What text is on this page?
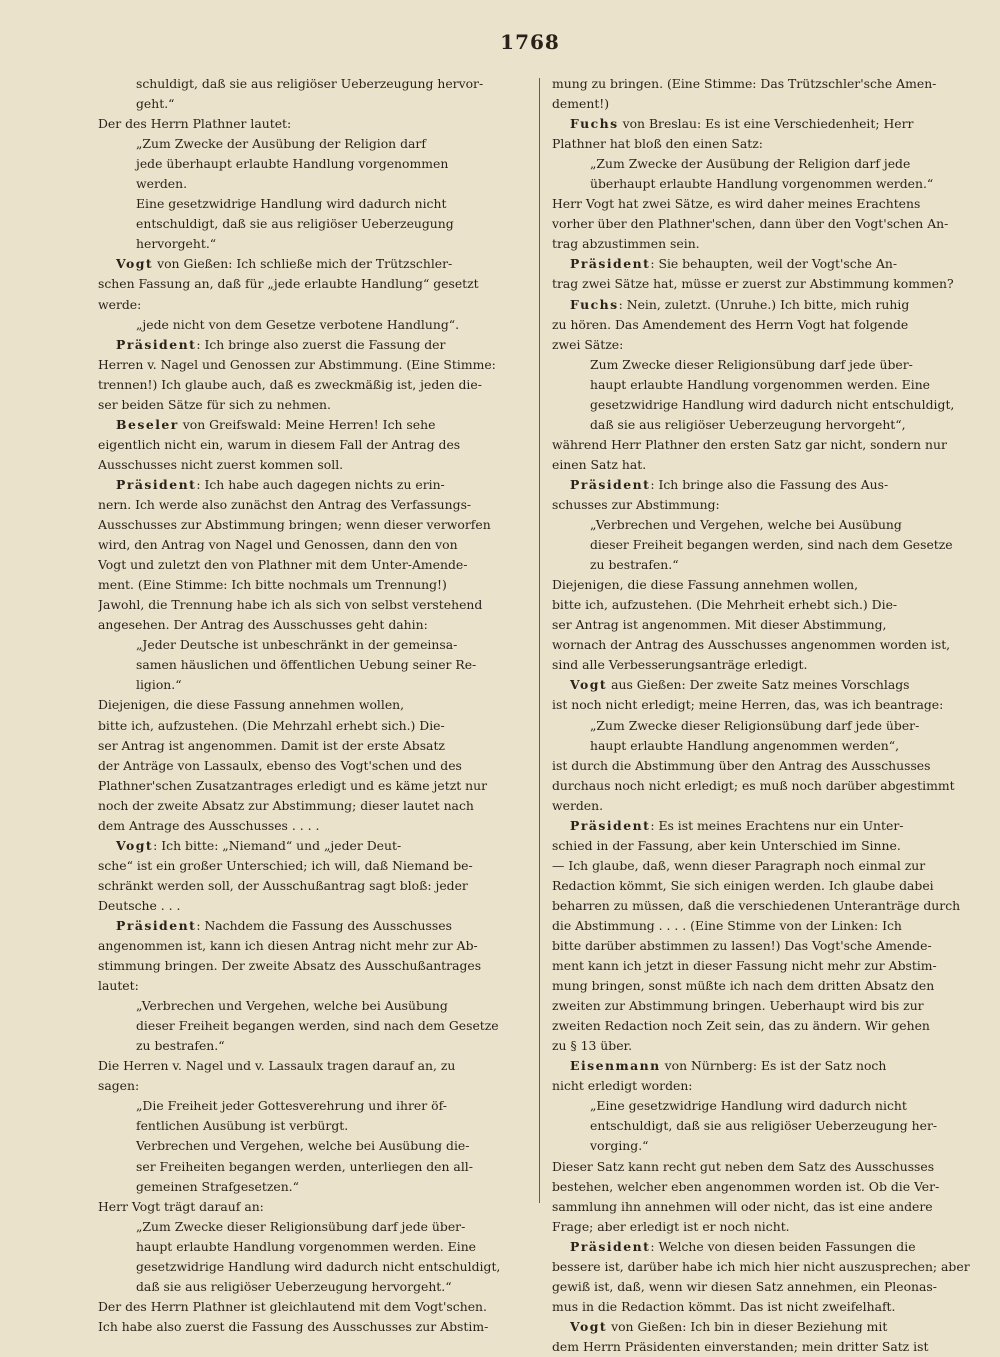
1768
schuldigt, daß sie aus religiöser Ueberzeugung hervor-
geht.“
Der des Herrn Plathner lautet:
„Zum Zwecke der Ausübung der Religion darf
jede überhaupt erlaubte Handlung vorgenommen
werden.
Eine gesetzwidrige Handlung wird dadurch nicht
entschuldigt, daß sie aus religiöser Ueberzeugung
hervorgeht.“
Vogt von Gießen: Ich schließe mich der Trützschler-
schen Fassung an, daß für „jede erlaubte Handlung“ gesetzt
werde:
„jede nicht von dem Gesetze verbotene Handlung“.
Präsident: Ich bringe also zuerst die Fassung der
Herren v. Nagel und Genossen zur Abstimmung. (Eine Stimme:
trennen!) Ich glaube auch, daß es zweckmäßig ist, jeden die-
ser beiden Sätze für sich zu nehmen.
Beseler von Greifswald: Meine Herren! Ich sehe
eigentlich nicht ein, warum in diesem Fall der Antrag des
Ausschusses nicht zuerst kommen soll.
Präsident: Ich habe auch dagegen nichts zu erin-
nern. Ich werde also zunächst den Antrag des Verfassungs-
Ausschusses zur Abstimmung bringen; wenn dieser verworfen
wird, den Antrag von Nagel und Genossen, dann den von
Vogt und zuletzt den von Plathner mit dem Unter-Amende-
ment. (Eine Stimme: Ich bitte nochmals um Trennung!)
Jawohl, die Trennung habe ich als sich von selbst verstehend
angesehen. Der Antrag des Ausschusses geht dahin:
„Jeder Deutsche ist unbeschränkt in der gemeinsa-
samen häuslichen und öffentlichen Uebung seiner Re-
ligion.“
Diejenigen, die diese Fassung annehmen wollen,
bitte ich, aufzustehen. (Die Mehrzahl erhebt sich.) Die-
ser Antrag ist angenommen. Damit ist der erste Absatz
der Anträge von Lassaulx, ebenso des Vogt'schen und des
Plathner'schen Zusatzantrages erledigt und es käme jetzt nur
noch der zweite Absatz zur Abstimmung; dieser lautet nach
dem Antrage des Ausschusses . . . .
Vogt: Ich bitte: „Niemand“ und „jeder Deut-
sche“ ist ein großer Unterschied; ich will, daß Niemand be-
schränkt werden soll, der Ausschußantrag sagt bloß: jeder
Deutsche . . .
Präsident: Nachdem die Fassung des Ausschusses
angenommen ist, kann ich diesen Antrag nicht mehr zur Ab-
stimmung bringen. Der zweite Absatz des Ausschußantrages
lautet:
„Verbrechen und Vergehen, welche bei Ausübung
dieser Freiheit begangen werden, sind nach dem Gesetze
zu bestrafen.“
Die Herren v. Nagel und v. Lassaulx tragen darauf an, zu
sagen:
„Die Freiheit jeder Gottesverehrung und ihrer öf-
fentlichen Ausübung ist verbürgt.
Verbrechen und Vergehen, welche bei Ausübung die-
ser Freiheiten begangen werden, unterliegen den all-
gemeinen Strafgesetzen.“
Herr Vogt trägt darauf an:
„Zum Zwecke dieser Religionsübung darf jede über-
haupt erlaubte Handlung vorgenommen werden. Eine
gesetzwidrige Handlung wird dadurch nicht entschuldigt,
daß sie aus religiöser Ueberzeugung hervorgeht.“
Der des Herrn Plathner ist gleichlautend mit dem Vogt'schen.
Ich habe also zuerst die Fassung des Ausschusses zur Abstim-
mung zu bringen. (Eine Stimme: Das Trützschler'sche Amen-
dement!)
Fuchs von Breslau: Es ist eine Verschiedenheit; Herr
Plathner hat bloß den einen Satz:
„Zum Zwecke der Ausübung der Religion darf jede
überhaupt erlaubte Handlung vorgenommen werden.“
Herr Vogt hat zwei Sätze, es wird daher meines Erachtens
vorher über den Plathner'schen, dann über den Vogt'schen An-
trag abzustimmen sein.
Präsident: Sie behaupten, weil der Vogt'sche An-
trag zwei Sätze hat, müsse er zuerst zur Abstimmung kommen?
Fuchs: Nein, zuletzt. (Unruhe.) Ich bitte, mich ruhig
zu hören. Das Amendement des Herrn Vogt hat folgende
zwei Sätze:
Zum Zwecke dieser Religionsübung darf jede über-
haupt erlaubte Handlung vorgenommen werden. Eine
gesetzwidrige Handlung wird dadurch nicht entschuldigt,
daß sie aus religiöser Ueberzeugung hervorgeht“,
während Herr Plathner den ersten Satz gar nicht, sondern nur
einen Satz hat.
Präsident: Ich bringe also die Fassung des Aus-
schusses zur Abstimmung:
„Verbrechen und Vergehen, welche bei Ausübung
dieser Freiheit begangen werden, sind nach dem Gesetze
zu bestrafen.“
Diejenigen, die diese Fassung annehmen wollen,
bitte ich, aufzustehen. (Die Mehrheit erhebt sich.) Die-
ser Antrag ist angenommen. Mit dieser Abstimmung,
wornach der Antrag des Ausschusses angenommen worden ist,
sind alle Verbesserungsanträge erledigt.
Vogt aus Gießen: Der zweite Satz meines Vorschlags
ist noch nicht erledigt; meine Herren, das, was ich beantrage:
„Zum Zwecke dieser Religionsübung darf jede über-
haupt erlaubte Handlung angenommen werden“,
ist durch die Abstimmung über den Antrag des Ausschusses
durchaus noch nicht erledigt; es muß noch darüber abgestimmt
werden.
Präsident: Es ist meines Erachtens nur ein Unter-
schied in der Fassung, aber kein Unterschied im Sinne.
— Ich glaube, daß, wenn dieser Paragraph noch einmal zur
Redaction kömmt, Sie sich einigen werden. Ich glaube dabei
beharren zu müssen, daß die verschiedenen Unteranträge durch
die Abstimmung . . . . (Eine Stimme von der Linken: Ich
bitte darüber abstimmen zu lassen!) Das Vogt'sche Amende-
ment kann ich jetzt in dieser Fassung nicht mehr zur Abstim-
mung bringen, sonst müßte ich nach dem dritten Absatz den
zweiten zur Abstimmung bringen. Ueberhaupt wird bis zur
zweiten Redaction noch Zeit sein, das zu ändern. Wir gehen
zu § 13 über.
Eisenmann von Nürnberg: Es ist der Satz noch
nicht erledigt worden:
„Eine gesetzwidrige Handlung wird dadurch nicht
entschuldigt, daß sie aus religiöser Ueberzeugung her-
vorging.“
Dieser Satz kann recht gut neben dem Satz des Ausschusses
bestehen, welcher eben angenommen worden ist. Ob die Ver-
sammlung ihn annehmen will oder nicht, das ist eine andere
Frage; aber erledigt ist er noch nicht.
Präsident: Welche von diesen beiden Fassungen die
bessere ist, darüber habe ich mich hier nicht auszusprechen; aber
gewiß ist, daß, wenn wir diesen Satz annehmen, ein Pleonas-
mus in die Redaction kömmt. Das ist nicht zweifelhaft.
Vogt von Gießen: Ich bin in dieser Beziehung mit
dem Herrn Präsidenten einverstanden; mein dritter Satz ist
